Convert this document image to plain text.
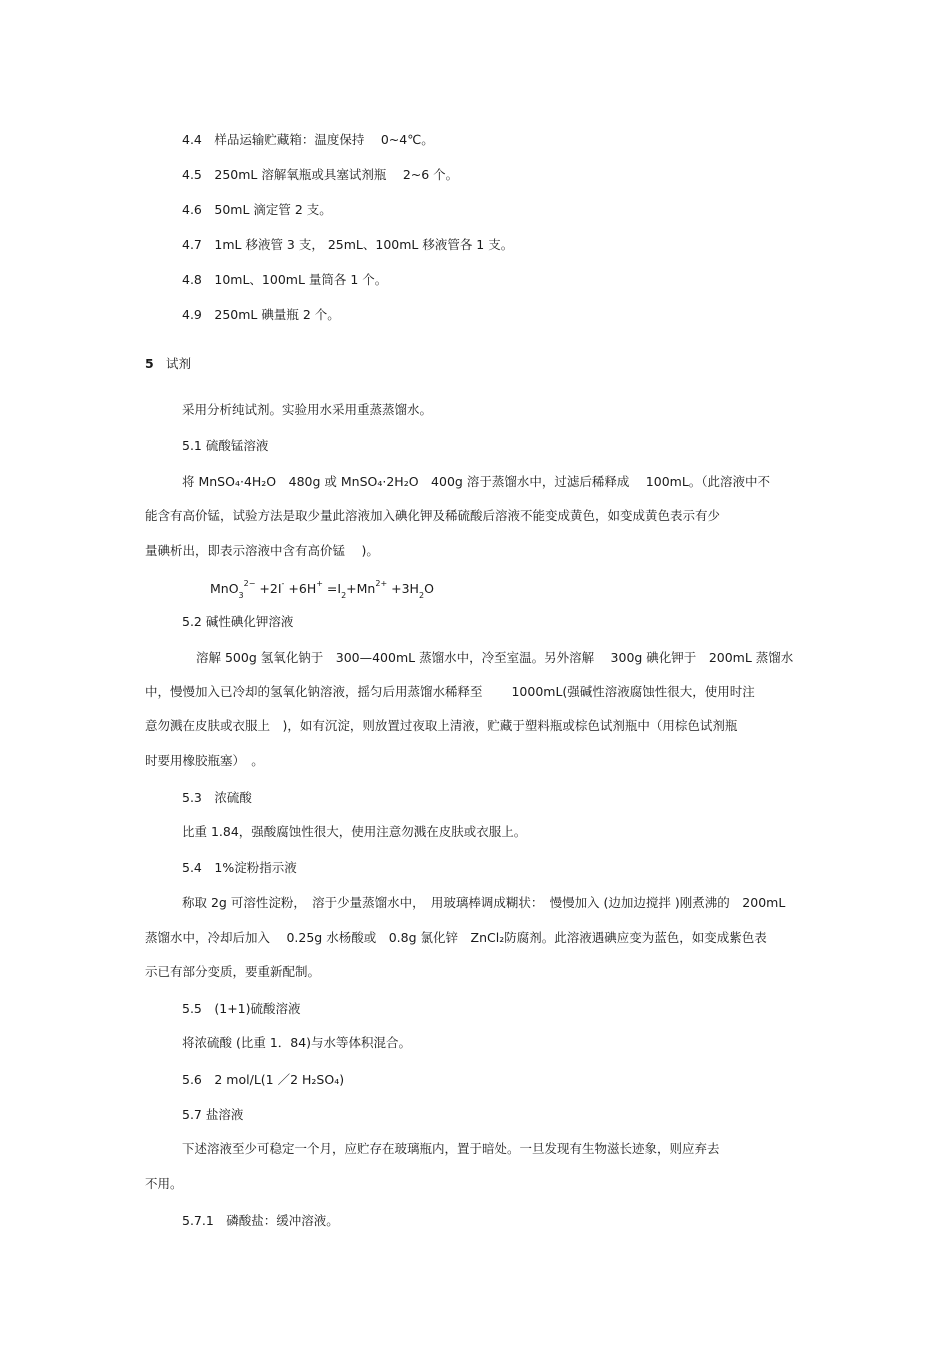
4.4　样品运输贮藏箱：温度保持　 0~4℃。
4.5　250mL 溶解氧瓶或具塞试剂瓶　 2~6 个。
4.6　50mL 滴定管 2 支。
4.7　1mL 移液管 3 支， 25mL、100mL 移液管各 1 支。
4.8　10mL、100mL 量筒各 1 个。
4.9　250mL 碘量瓶 2 个。
5 试剂
采用分析纯试剂。实验用水采用重蒸蒸馏水。
5.1 硫酸锰溶液
将 MnSO₄·4H₂O　480g 或 MnSO₄·2H₂O　400g 溶于蒸馏水中，过滤后稀释成　 100mL。（此溶液中不
能含有高价锰，试验方法是取少量此溶液加入碘化钾及稀硫酸后溶液不能变成黄色，如变成黄色表示有少
量碘析出，即表示溶液中含有高价锰　 )。
$MnO_3^{2-} +2I^- +6H^+ =I_2+Mn^{2+} +3H_2O$
5.2 碱性碘化钾溶液
溶解 500g 氢氧化钠于　300—400mL 蒸馏水中，冷至室温。另外溶解　 300g 碘化钾于　200mL 蒸馏水
中，慢慢加入已冷却的氢氧化钠溶液，摇匀后用蒸馏水稀释至　　 1000mL(强碱性溶液腐蚀性很大，使用时注
意勿溅在皮肤或衣服上　)，如有沉淀，则放置过夜取上清液，贮藏于塑料瓶或棕色试剂瓶中（用棕色试剂瓶
时要用橡胶瓶塞）　。
5.3　浓硫酸
比重 1.84，强酸腐蚀性很大，使用注意勿溅在皮肤或衣服上。
5.4　1%淀粉指示液
称取 2g 可溶性淀粉，　溶于少量蒸馏水中，　用玻璃棒调成糊状：　慢慢加入 (边加边搅拌 )刚煮沸的　200mL
蒸馏水中，冷却后加入　 0.25g 水杨酸或　0.8g 氯化锌　ZnCl₂防腐剂。此溶液遇碘应变为蓝色，如变成紫色表
示已有部分变质，要重新配制。
5.5　(1+1)硫酸溶液
将浓硫酸 (比重 1．84)与水等体积混合。
5.6　2 mol/L(1 ／2 H₂SO₄)
5.7 盐溶液
下述溶液至少可稳定一个月，应贮存在玻璃瓶内，置于暗处。一旦发现有生物滋长迹象，则应弃去
不用。
5.7.1　磷酸盐：缓冲溶液。
